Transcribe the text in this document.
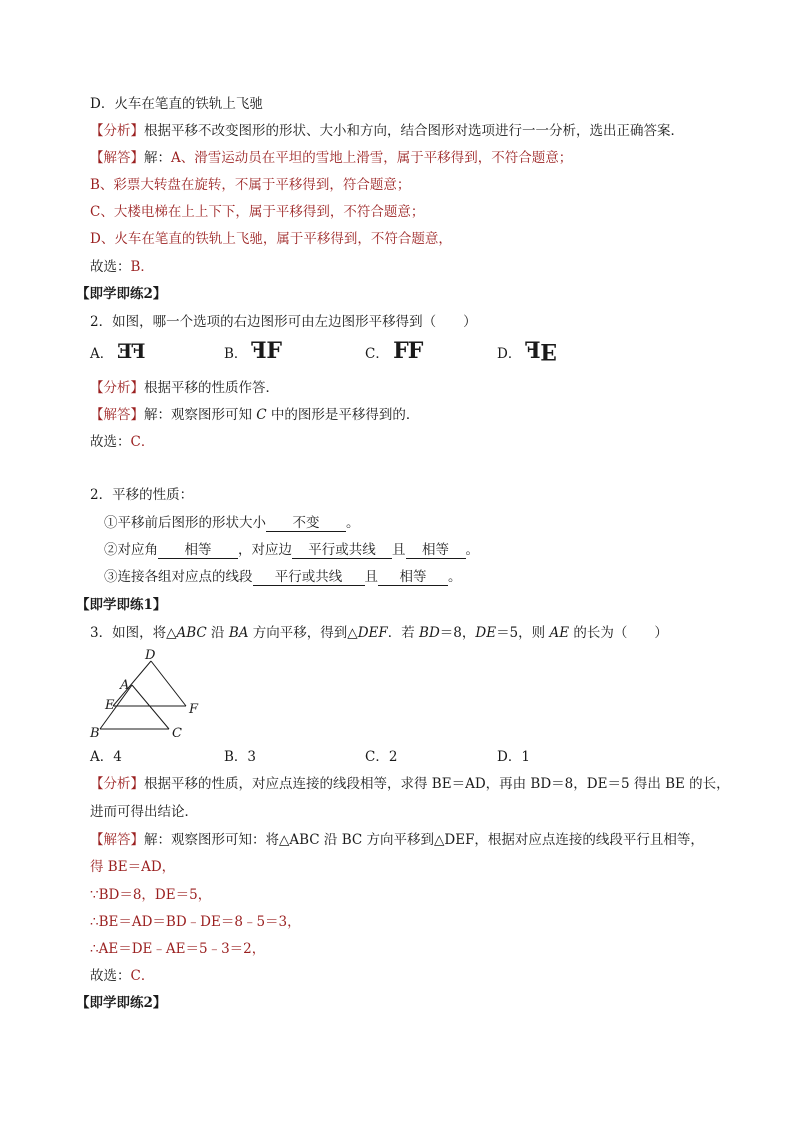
D．火车在笔直的铁轨上飞驰
【分析】根据平移不改变图形的形状、大小和方向，结合图形对选项进行一一分析，选出正确答案．
【解答】解：A、滑雪运动员在平坦的雪地上滑雪，属于平移得到，不符合题意；
B、彩票大转盘在旋转，不属于平移得到，符合题意；
C、大楼电梯在上上下下，属于平移得到，不符合题意；
D、火车在笔直的铁轨上飞驰，属于平移得到，不符合题意，
故选：B．
【即学即练2】
2．如图，哪一个选项的右边图形可由左边图形平移得到（　　）
A． FE	B． FF	C． FF	D． FE
【分析】根据平移的性质作答．
【解答】解：观察图形可知 C 中的图形是平移得到的．
故选：C．
2．平移的性质：
①平移前后图形的形状大小 不变 。
②对应角 相等 ，对应边 平行或共线 且 相等 。
③连接各组对应点的线段 平行或共线 且 相等 。
【即学即练1】
3．如图，将△ABC 沿 BA 方向平移，得到△DEF．若 BD＝8，DE＝5，则 AE 的长为（　　）
D
A
E	F
B	C
A．4	B．3	C．2	D．1
【分析】根据平移的性质，对应点连接的线段相等，求得 BE＝AD，再由 BD＝8，DE＝5 得出 BE 的长，
进而可得出结论．
【解答】解：观察图形可知：将△ABC 沿 BC 方向平移到△DEF，根据对应点连接的线段平行且相等，
得 BE＝AD，
∵BD＝8，DE＝5，
∴BE＝AD＝BD﹣DE＝8﹣5＝3，
∴AE＝DE﹣AE＝5﹣3＝2，
故选：C．
【即学即练2】
